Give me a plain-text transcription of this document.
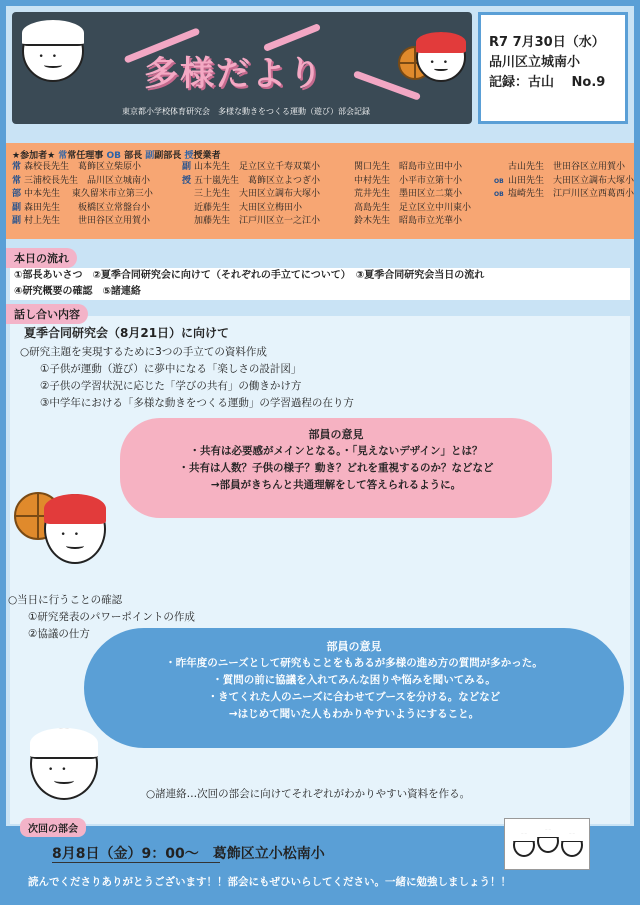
•• 多様だより	••
東京都小学校体育研究会　多様な動きをつくる運動（遊び）部会記録
R7 7月30日（水）
品川区立城南小
記録：古山　 No.9
★参加者★ 常常任理事 OB 部長 副副部長 授授業者
常 森校長先生　葛飾区立柴原小
常 三浦校長先生　品川区立城南小
部 中本先生　 東久留米市立第三小
副 森田先生　　板橋区立常盤台小
副 村上先生　　世田谷区立用賀小
副 山本先生　足立区立千寿双葉小
授 五十嵐先生　葛飾区立よつぎ小
三上先生　大田区立調布大塚小
近藤先生　大田区立梅田小
加藤先生　江戸川区立一之江小
関口先生　昭島市立田中小
中村先生　小平市立第十小
荒井先生　墨田区立二葉小
高島先生　足立区立中川東小
鈴木先生　昭島市立光華小
古山先生　世田谷区立用賀小
OB 山田先生　大田区立調布大塚小
OB 塩崎先生　江戸川区立西葛西小
本日の流れ
①部長あいさつ　②夏季合同研究会に向けて（それぞれの手立てについて）　③夏季合同研究会当日の流れ
④研究概要の確認　⑤諸連絡
話し合い内容
夏季合同研究会（8月21日）に向けて
○研究主題を実現するために3つの手立ての資料作成
①子供が運動（遊び）に夢中になる「楽しさの設計図」
②子供の学習状況に応じた「学びの共有」の働きかけ方
③中学年における「多様な動きをつくる運動」の学習過程の在り方
部員の意見
・共有は必要感がメインとなる。・「見えないデザイン」とは？
・共有は人数？子供の様子？動き？どれを重視するのか？などなど
→部員がきちんと共通理解をして答えられるように。
••
○当日に行うことの確認
①研究発表のパワーポイントの作成
②協議の仕方
部員の意見
・昨年度のニーズとして研究もことをもあるが多様の進め方の質問が多かった。
・質問の前に協議を入れてみんな困りや悩みを聞いてみる。
・きてくれた人のニーズに合わせてブースを分ける。などなど
→はじめて聞いた人もわかりやすいようにすること。
••
○諸連絡…次回の部会に向けてそれぞれがわかりやすい資料を作る。
次回の部会
8月8日（金）9：00～　葛飾区立小松南小
読んでくださりありがとうございます！！部会にもぜひいらしてください。一緒に勉強しましょう！！
